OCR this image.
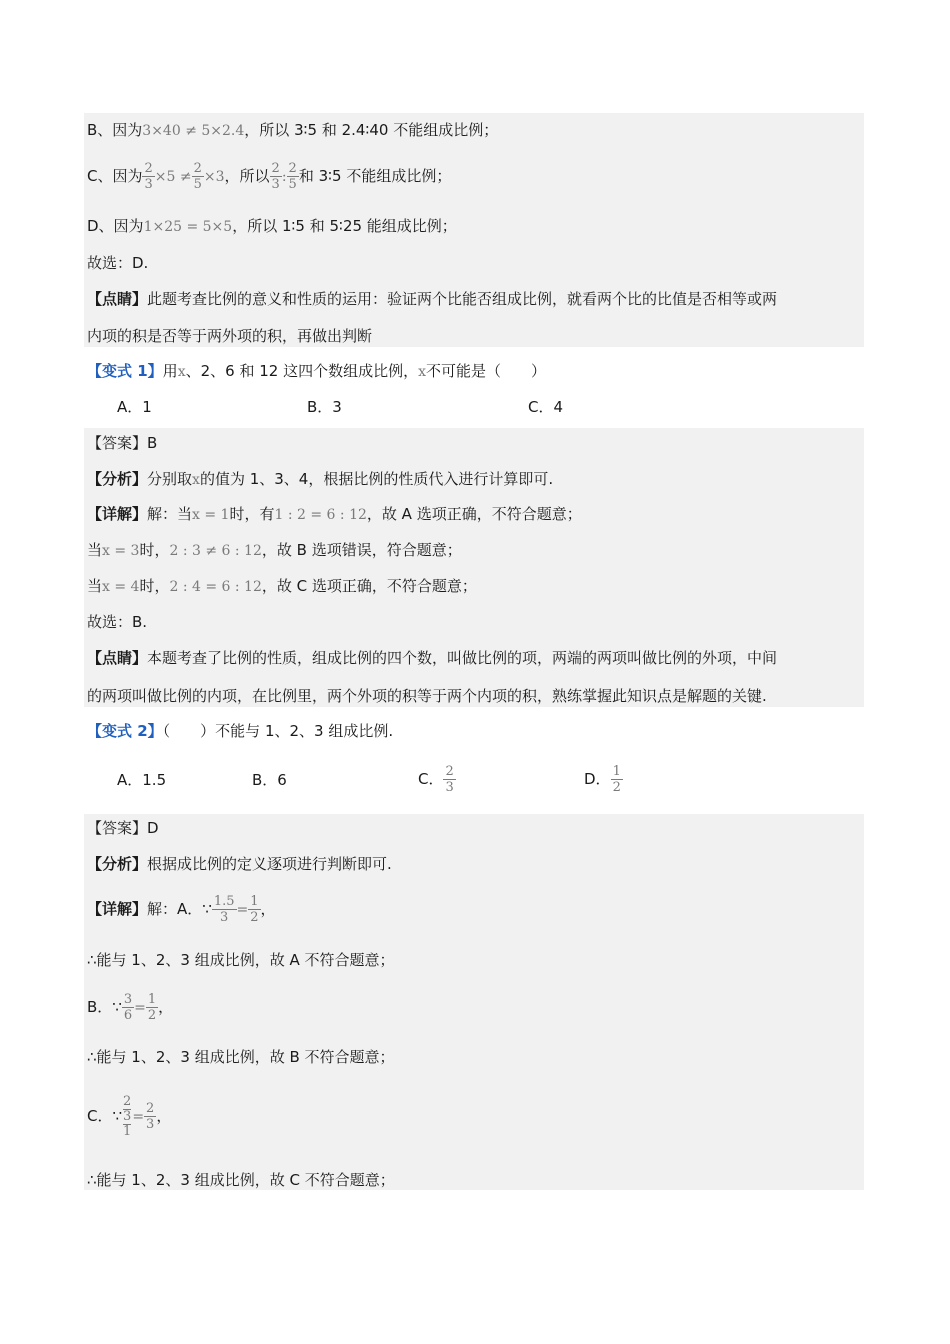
B、因为3×40 ≠ 5×2.4，所以 3∶5 和 2.4∶40 不能组成比例；
C、因为 $\frac{2}{3} \times 5 \ne \frac{2}{5} \times 3$，所以 $\frac{2}{3}$ : $\frac{2}{5}$ 和 3∶5 不能组成比例；
D、因为1×25 = 5×5，所以 1∶5 和 5∶25 能组成比例；
故选：D.
【点睛】此题考查比例的意义和性质的运用：验证两个比能否组成比例，就看两个比的比值是否相等或两
内项的积是否等于两外项的积，再做出判断
【变式 1】用x、2、6 和 12 这四个数组成比例，x不可能是（　　）
A．1	B．3	C．4
【答案】B
【分析】分别取x的值为 1、3、4，根据比例的性质代入进行计算即可.
【详解】解：当x = 1时，有1 : 2 = 6 : 12，故 A 选项正确，不符合题意；
当x = 3时，2 : 3 ≠ 6 : 12，故 B 选项错误，符合题意；
当x = 4时，2 : 4 = 6 : 12，故 C 选项正确，不符合题意；
故选：B.
【点睛】本题考查了比例的性质，组成比例的四个数，叫做比例的项，两端的两项叫做比例的外项，中间
的两项叫做比例的内项，在比例里，两个外项的积等于两个内项的积，熟练掌握此知识点是解题的关键.
【变式 2】（　　）不能与 1、2、3 组成比例.
A．1.5	B．6	C． $\frac{2}{3}$	D． $\frac{1}{2}$
【答案】D
【分析】根据成比例的定义逐项进行判断即可.
【详解】解：A．∵ $\frac{1.5}{3} = \frac{1}{2}$ ，
∴能与 1、2、3 组成比例，故 A 不符合题意；
B．∵ $\frac{3}{6} = \frac{1}{2}$ ，
∴能与 1、2、3 组成比例，故 B 不符合题意；
C．∵ 2
3
$1 = \frac{2}{3}$ ，
∴能与 1、2、3 组成比例，故 C 不符合题意；
